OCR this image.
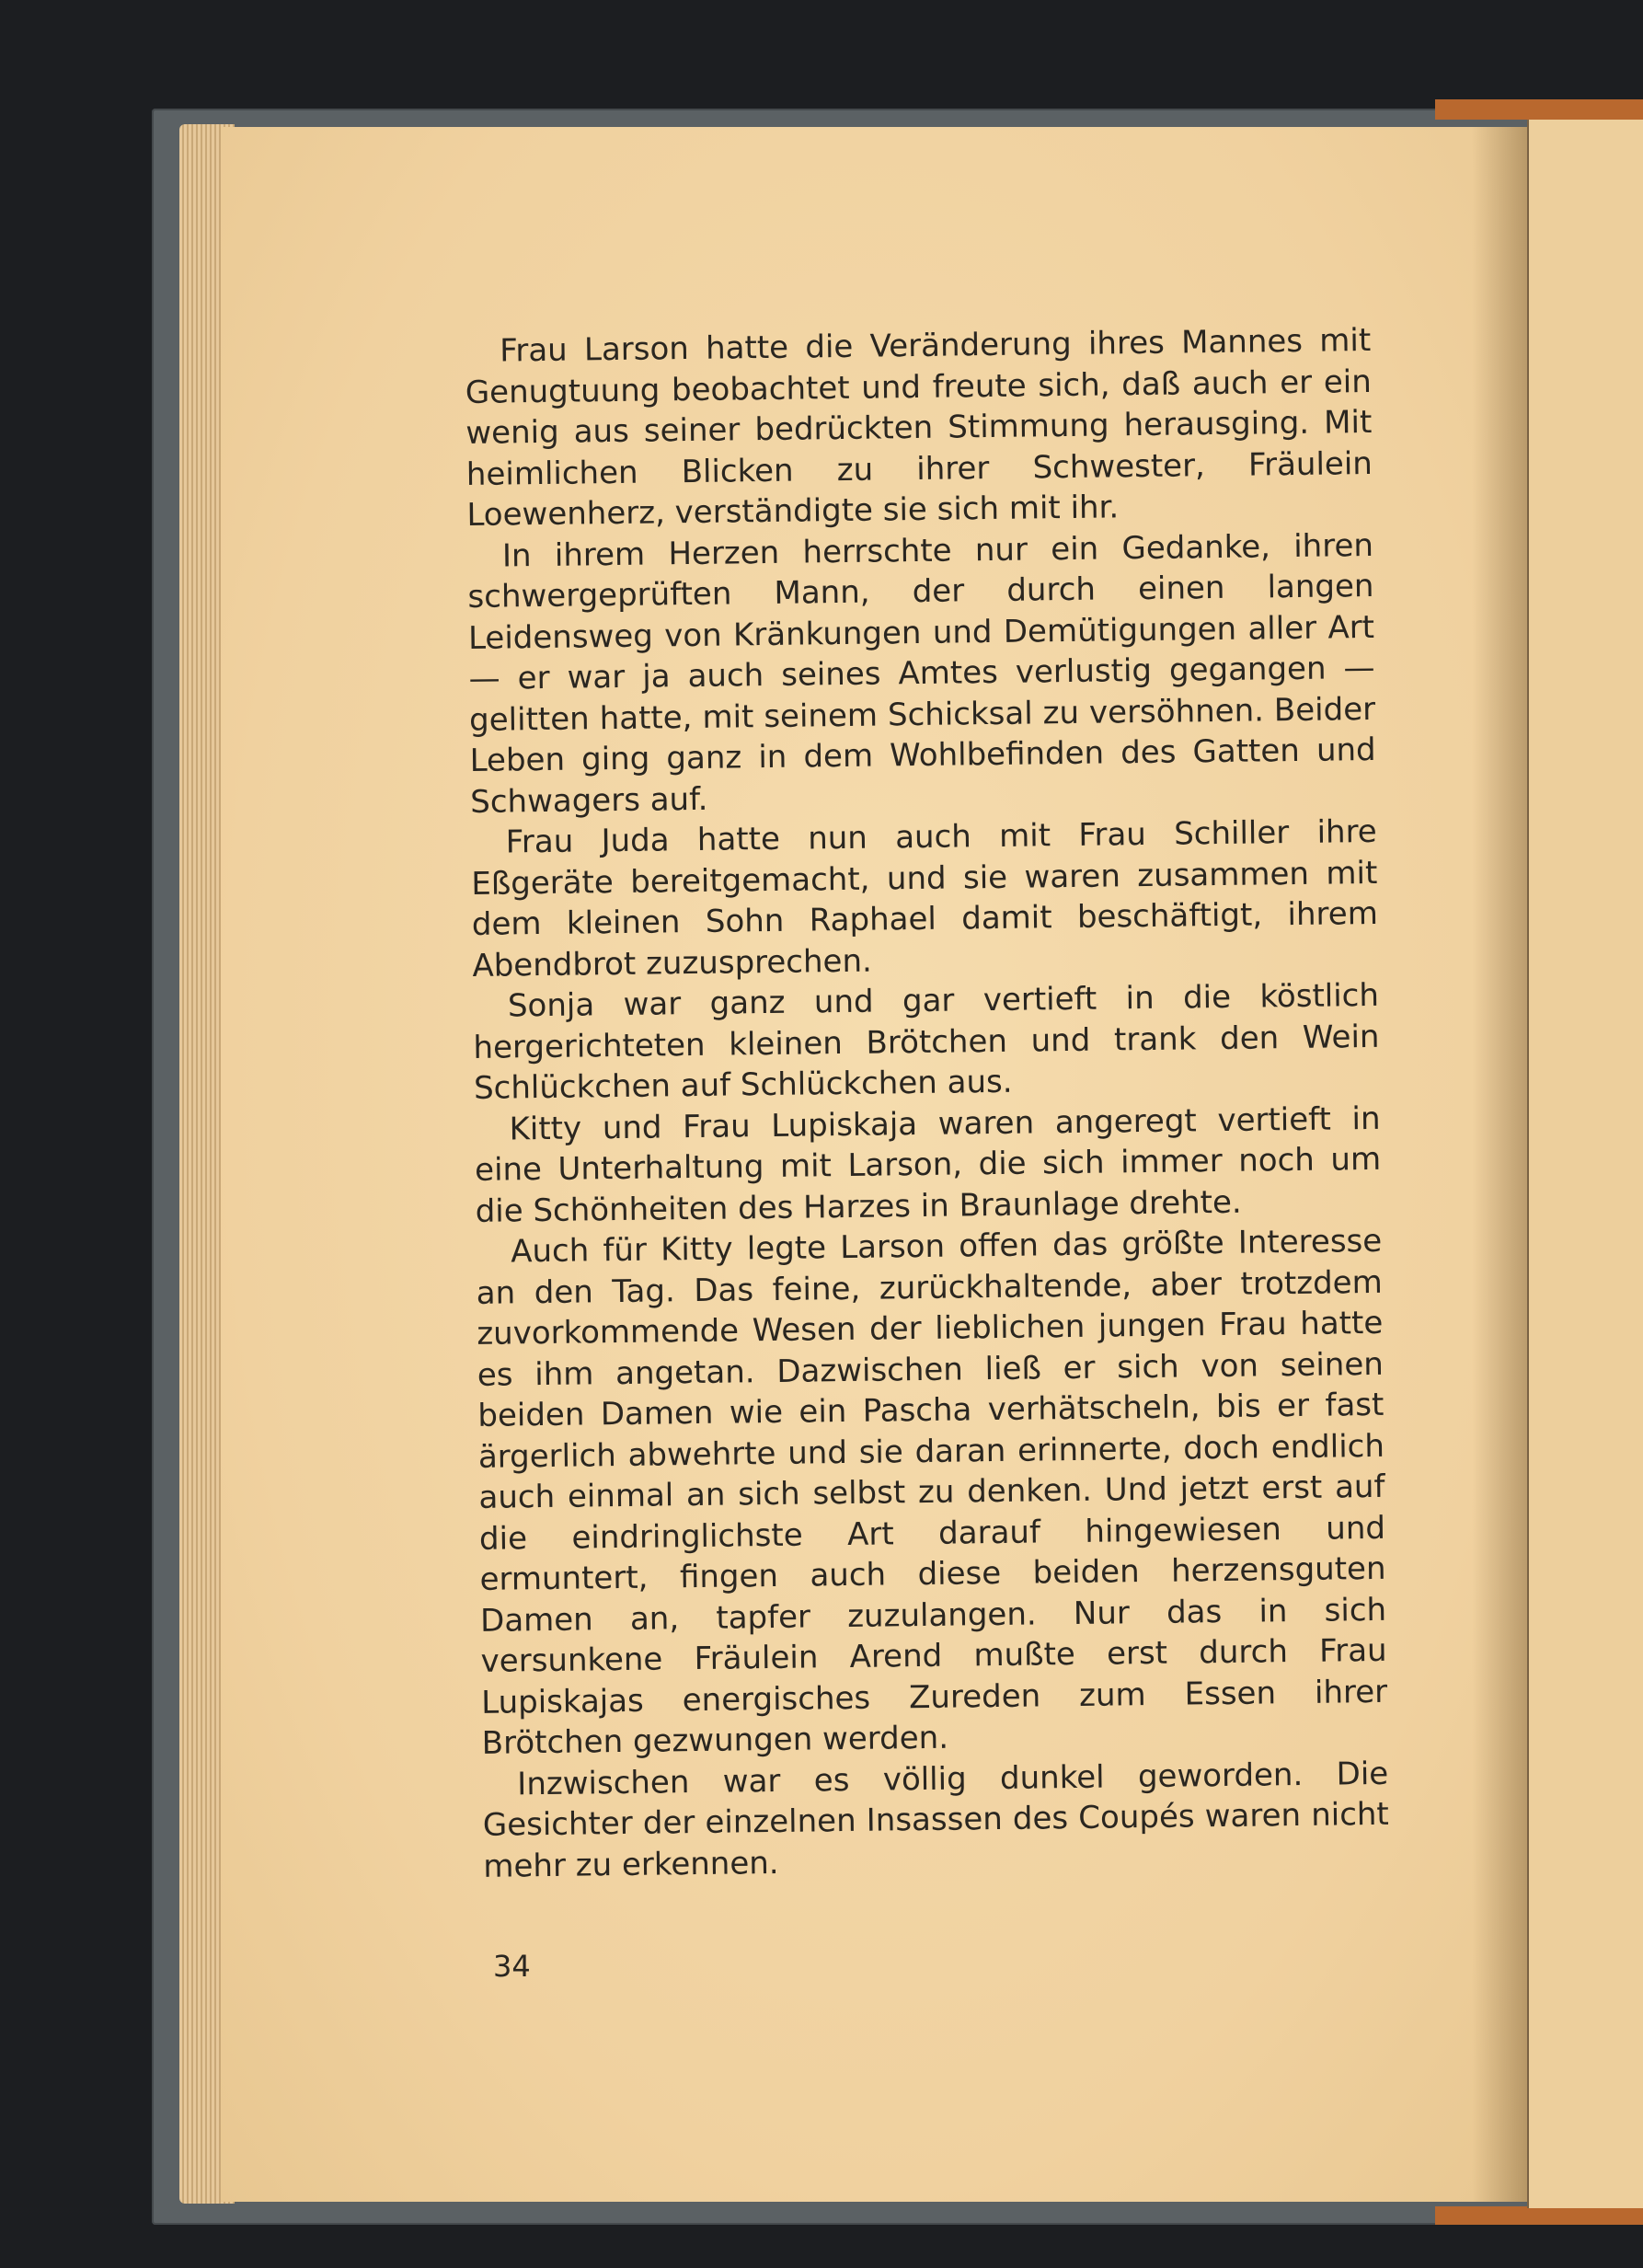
Frau Larson hatte die Veränderung ihres Mannes mit Genugtuung beobachtet und freute sich, daß auch er ein wenig aus seiner bedrückten Stimmung herausging. Mit heimlichen Blicken zu ihrer Schwester, Fräulein Loewenherz, verständigte sie sich mit ihr.

In ihrem Herzen herrschte nur ein Gedanke, ihren schwergeprüften Mann, der durch einen langen Leidensweg von Kränkungen und Demütigungen aller Art — er war ja auch seines Amtes verlustig gegangen — gelitten hatte, mit seinem Schicksal zu versöhnen. Beider Leben ging ganz in dem Wohlbefinden des Gatten und Schwagers auf.

Frau Juda hatte nun auch mit Frau Schiller ihre Eßgeräte bereitgemacht, und sie waren zusammen mit dem kleinen Sohn Raphael damit beschäftigt, ihrem Abendbrot zuzusprechen.

Sonja war ganz und gar vertieft in die köstlich hergerichteten kleinen Brötchen und trank den Wein Schlückchen auf Schlückchen aus.

Kitty und Frau Lupiskaja waren angeregt vertieft in eine Unterhaltung mit Larson, die sich immer noch um die Schönheiten des Harzes in Braunlage drehte.

Auch für Kitty legte Larson offen das größte Interesse an den Tag. Das feine, zurückhaltende, aber trotzdem zuvorkommende Wesen der lieblichen jungen Frau hatte es ihm angetan. Dazwischen ließ er sich von seinen beiden Damen wie ein Pascha verhätscheln, bis er fast ärgerlich abwehrte und sie daran erinnerte, doch endlich auch einmal an sich selbst zu denken. Und jetzt erst auf die eindringlichste Art darauf hingewiesen und ermuntert, fingen auch diese beiden herzensguten Damen an, tapfer zuzulangen. Nur das in sich versunkene Fräulein Arend mußte erst durch Frau Lupiskajas energisches Zureden zum Essen ihrer Brötchen gezwungen werden.

Inzwischen war es völlig dunkel geworden. Die Gesichter der einzelnen Insassen des Coupés waren nicht mehr zu erkennen.

34
